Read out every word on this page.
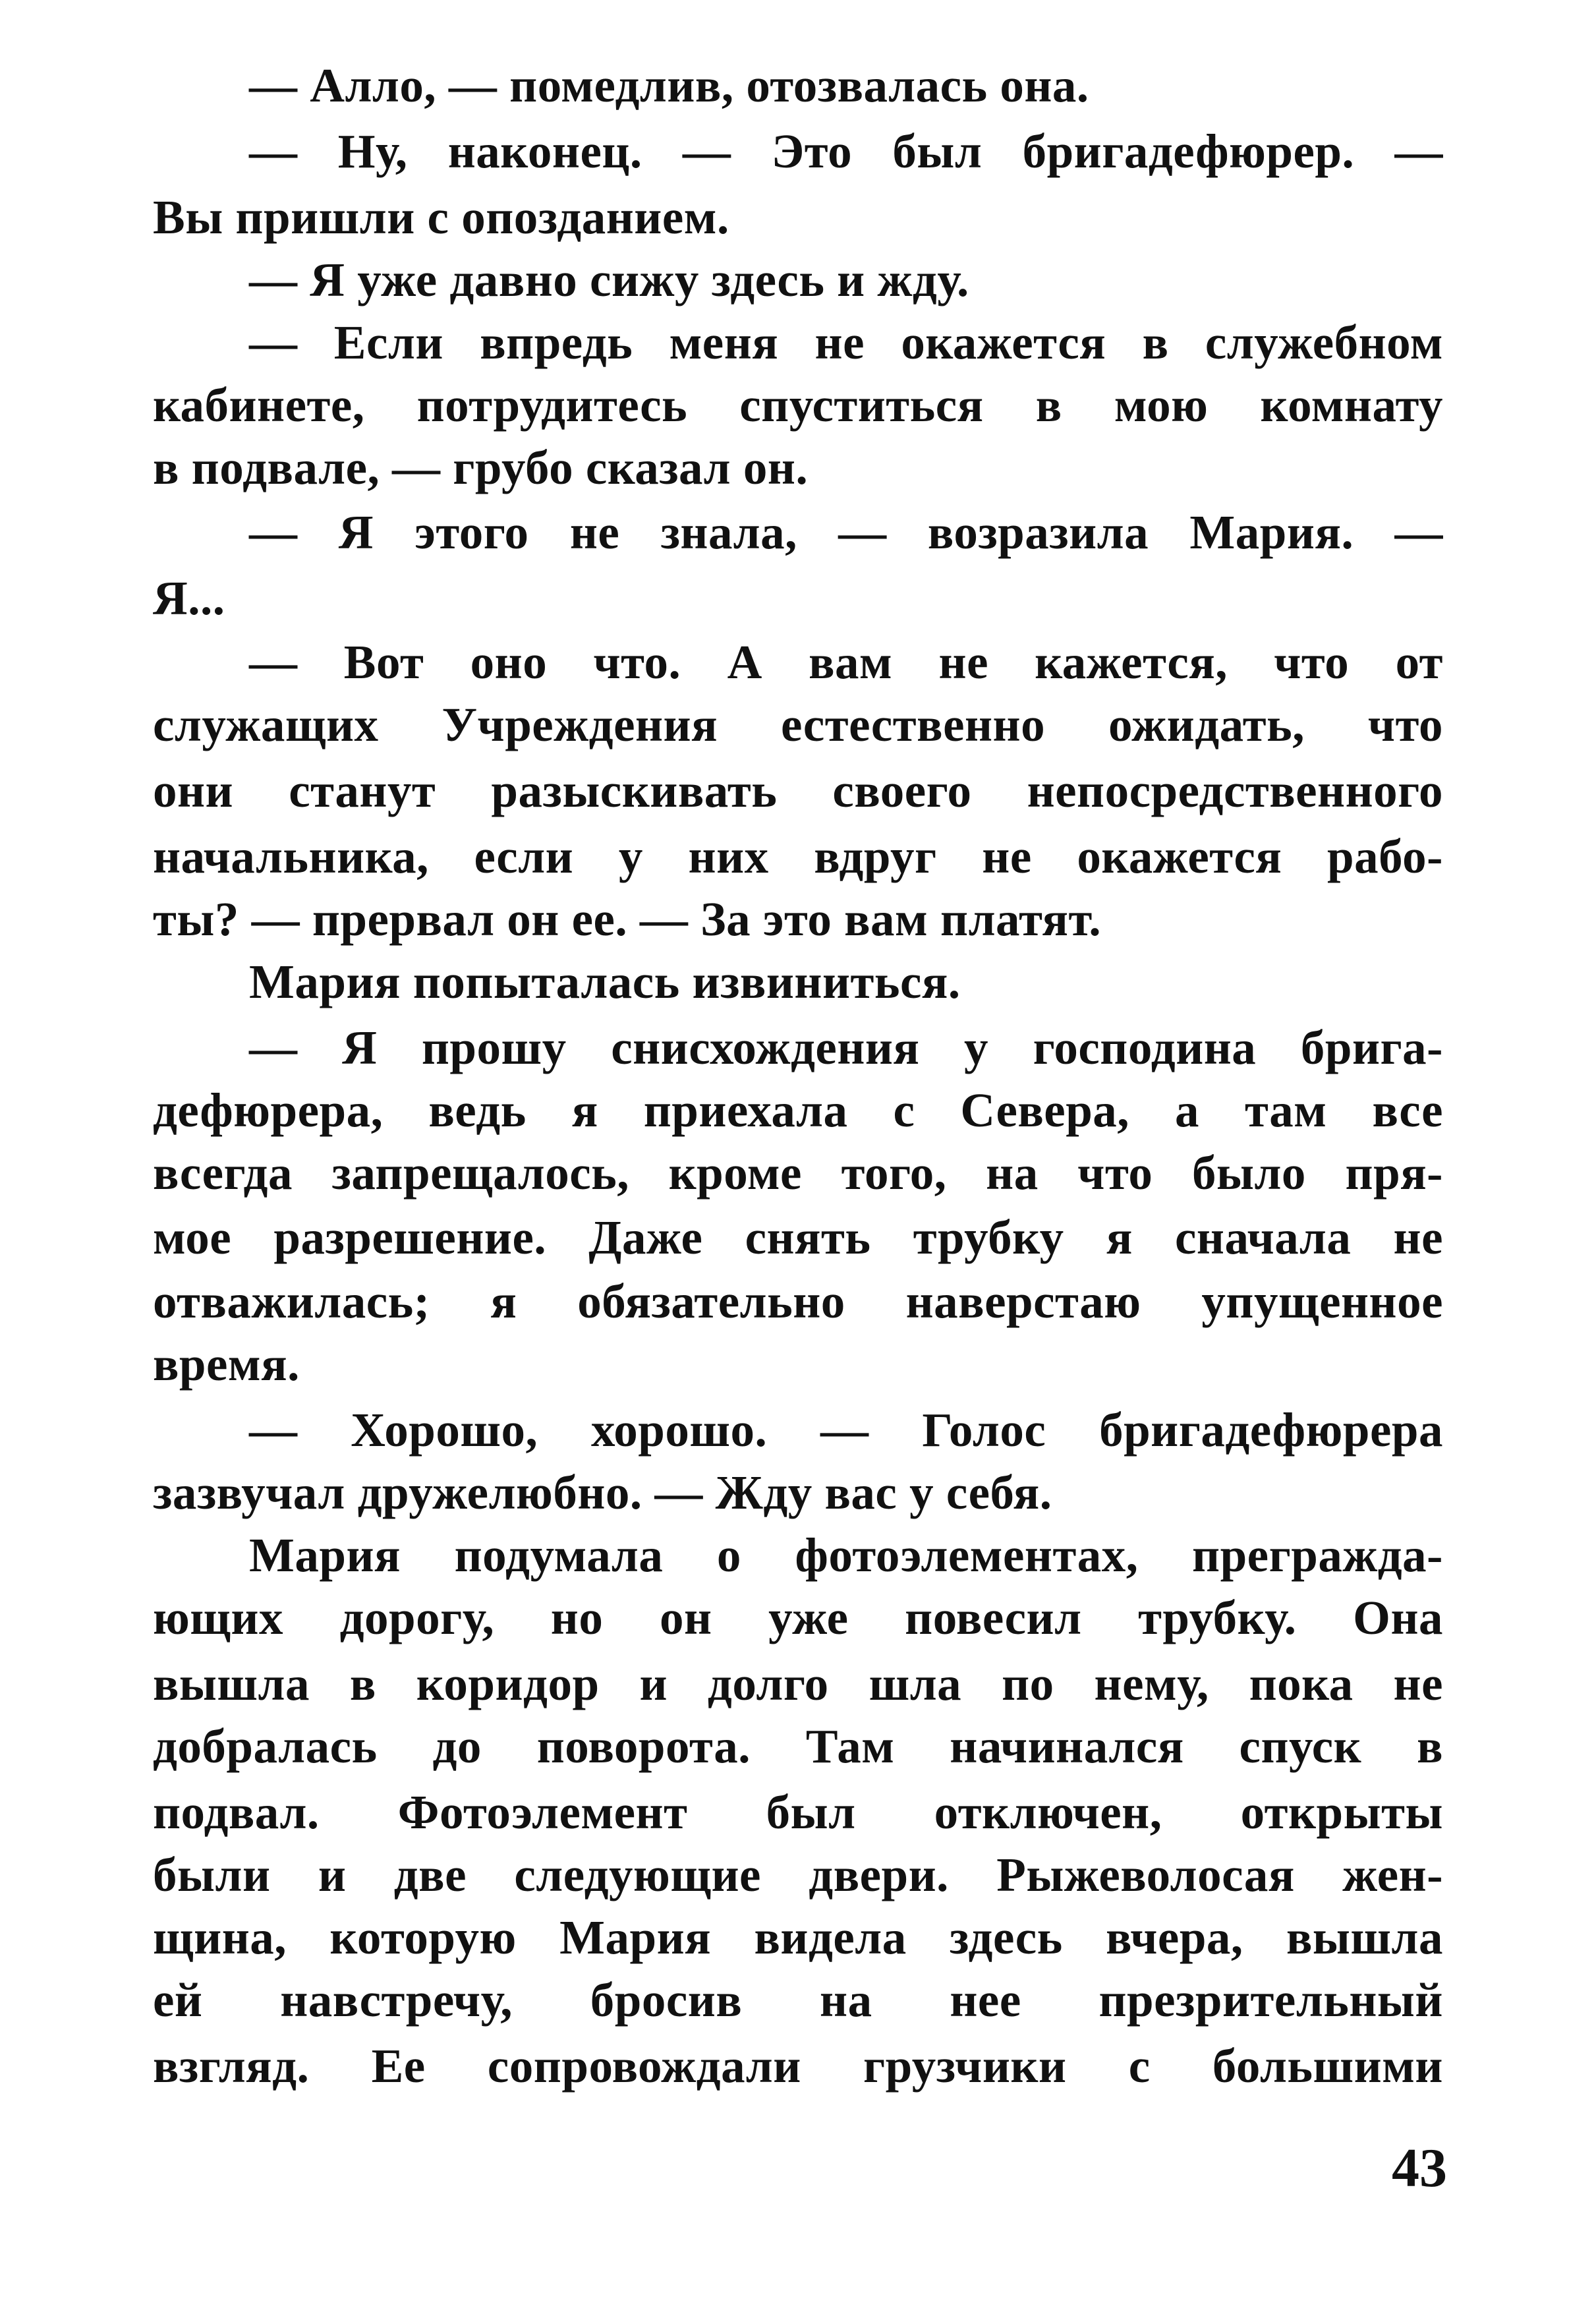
— Алло, — помедлив, отозвалась она.
— Ну, наконец. — Это был бригадефюрер. —
Вы пришли с опозданием.
— Я уже давно сижу здесь и жду.
— Если впредь меня не окажется в служебном
кабинете, потрудитесь спуститься в мою комнату
в подвале, — грубо сказал он.
— Я этого не знала, — возразила Мария. —
Я...
— Вот оно что. А вам не кажется, что от
служащих Учреждения естественно ожидать, что
они станут разыскивать своего непосредственного
начальника, если у них вдруг не окажется рабо-
ты? — прервал он ее. — За это вам платят.
Мария попыталась извиниться.
— Я прошу снисхождения у господина бригa-
дефюрера, ведь я приехала с Севера, а там все
всегда запрещалось, кроме того, на что было пря-
мое разрешение. Даже снять трубку я сначала не
отважилась; я обязательно наверстаю упущенное
время.
— Хорошо, хорошо. — Голос бригадефюрера
зазвучал дружелюбно. — Жду вас у себя.
Мария подумала о фотоэлементах, преграждa-
ющих дорогу, но он уже повесил трубку. Она
вышла в коридор и долго шла по нему, пока не
добралась до поворота. Там начинался спуск в
подвал. Фотоэлемент был отключен, открыты
были и две следующие двери. Рыжеволосая жен-
щина, которую Мария видела здесь вчера, вышла
ей навстречу, бросив на нее презрительный
взгляд. Ее сопровождали грузчики с большими
43
